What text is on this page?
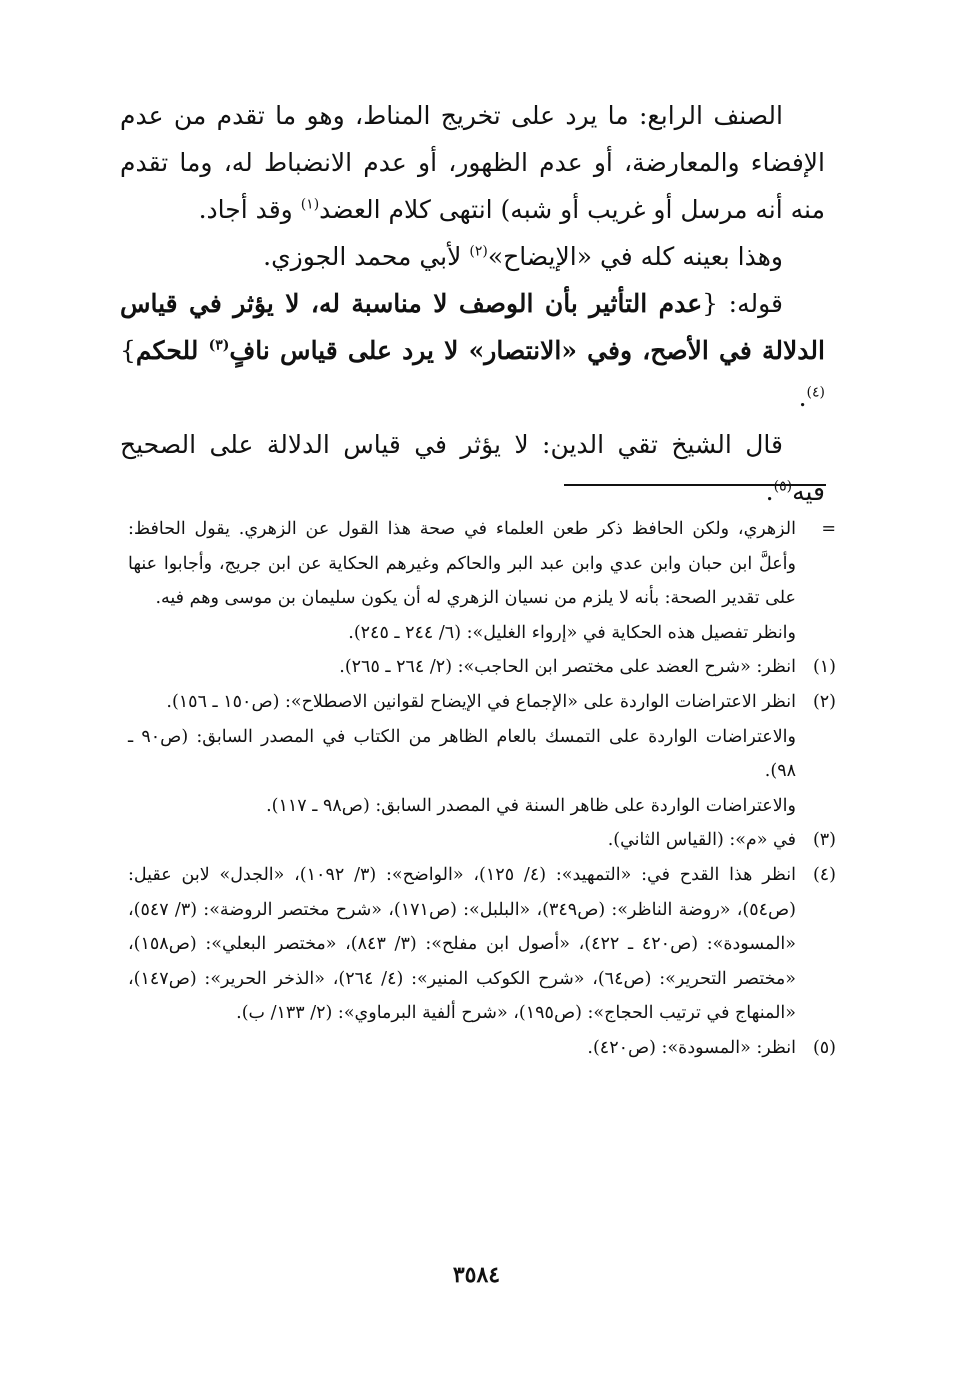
الصنف الرابع: ما يرد على تخريج المناط، وهو ما تقدم من عدم الإفضاء والمعارضة، أو عدم الظهور، أو عدم الانضباط له، وما تقدم منه أنه مرسل أو غريب أو شبه) انتهى كلام العضد$^{(١)}$ وقد أجاد.

وهذا بعينه كله في «الإيضاح»$^{(٢)}$ لأبي محمد الجوزي.

قوله: {عدم التأثير بأن الوصف لا مناسبة له، لا يؤثر في قياس الدلالة في الأصح، وفي «الانتصار» لا يرد على قياس نافٍ$^{(٣)}$ للحكم}$^{(٤)}$.

قال الشيخ تقي الدين: لا يؤثر في قياس الدلالة على الصحيح فيه$^{(٥)}$.

=

الزهري، ولكن الحافظ ذكر طعن العلماء في صحة هذا القول عن الزهري. يقول الحافظ: وأعلَّ ابن حبان وابن عدي وابن عبد البر والحاكم وغيرهم الحكاية عن ابن جريج، وأجابوا عنها على تقدير الصحة: بأنه لا يلزم من نسيان الزهري له أن يكون سليمان بن موسى وهم فيه.

وانظر تفصيل هذه الحكاية في «إرواء الغليل»: (٦/ ٢٤٤ ـ ٢٤٥).

(١)

انظر: «شرح العضد على مختصر ابن الحاجب»: (٢/ ٢٦٤ ـ ٢٦٥).

(٢)

انظر الاعتراضات الواردة على «الإجماع في الإيضاح لقوانين الاصطلاح»: (ص١٥٠ ـ ١٥٦).

والاعتراضات الواردة على التمسك بالعام الظاهر من الكتاب في المصدر السابق: (ص٩٠ ـ ٩٨).

والاعتراضات الواردة على ظاهر السنة في المصدر السابق: (ص٩٨ ـ ١١٧).

(٣)

في «م»: (القياس الثاني).

(٤)

انظر هذا القدح في: «التمهيد»: (٤/ ١٢٥)، «الواضح»: (٣/ ١٠٩٢)، «الجدل» لابن عقيل: (ص٥٤)، «روضة الناظر»: (ص٣٤٩)، «البلبل»: (ص١٧١)، «شرح مختصر الروضة»: (٣/ ٥٤٧)، «المسودة»: (ص٤٢٠ ـ ٤٢٢)، «أصول ابن مفلح»: (٣/ ٨٤٣)، «مختصر البعلي»: (ص١٥٨)، «مختصر التحرير»: (ص٦٤)، «شرح الكوكب المنير»: (٤/ ٢٦٤)، «الذخر الحرير»: (ص١٤٧)، «المنهاج في ترتيب الحجاج»: (ص١٩٥)، «شرح ألفية البرماوي»: (٢/ ١٣٣/ ب).

(٥)

انظر: «المسودة»: (ص٤٢٠).

٣٥٨٤
